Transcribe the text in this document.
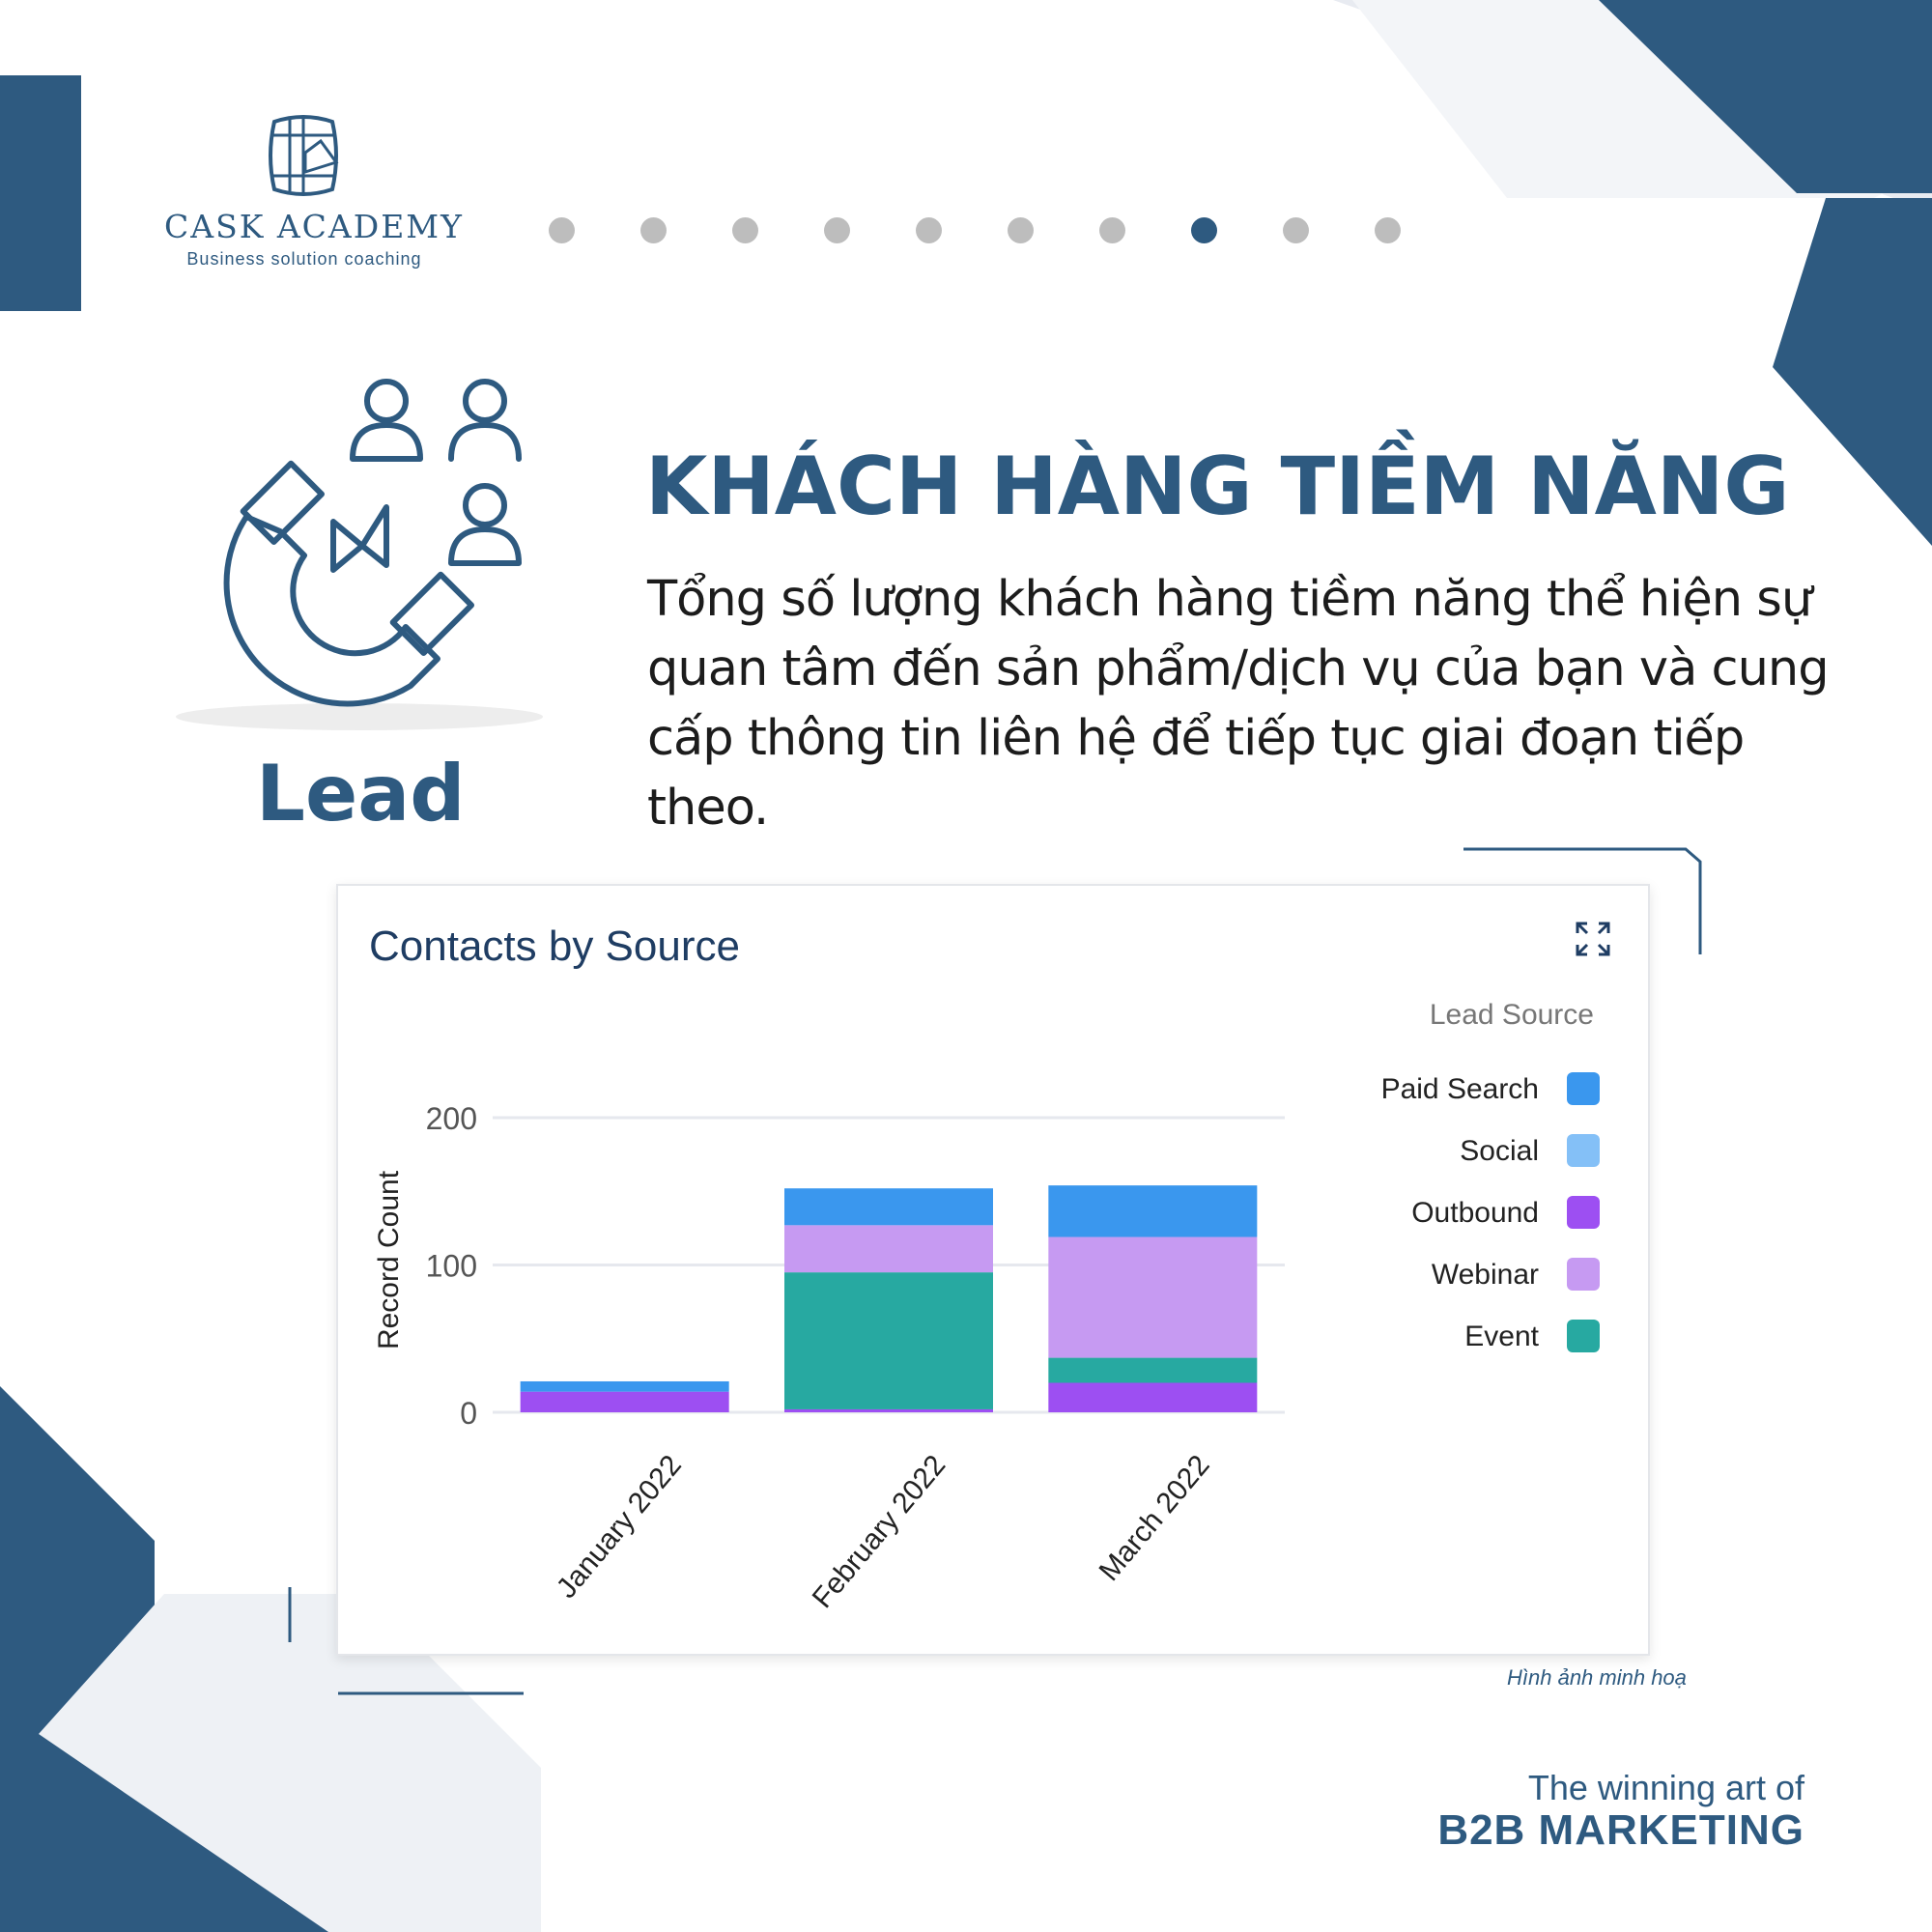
CASK ACADEMY
Business solution coaching
Lead
KHÁCH HÀNG TIỀM NĂNG
Tổng số lượng khách hàng tiềm năng thể hiện sự quan tâm đến sản phẩm/dịch vụ của bạn và cung cấp thông tin liên hệ để tiếp tục giai đoạn tiếp theo.
Contacts by Source
0
100
200
Record Count
January 2022	February 2022	March 2022
Lead Source
Paid Search
Social
Outbound
Webinar
Event
Hình ảnh minh hoạ
The winning art of
B2B MARKETING
